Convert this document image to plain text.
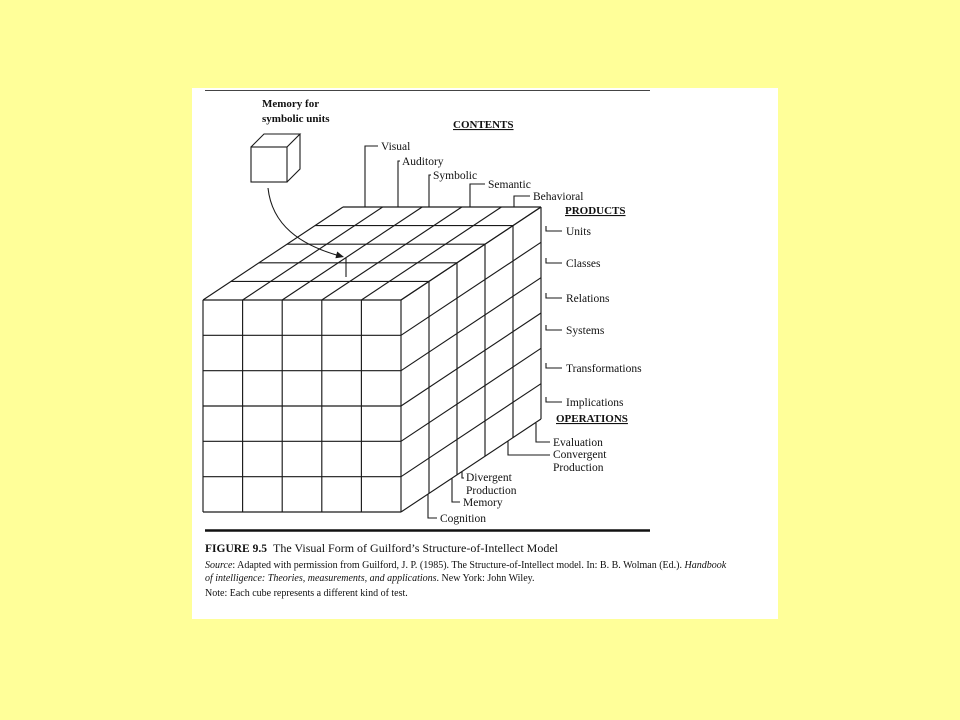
Memory for
symbolic units	CONTENTS
Visual
Auditory
Symbolic
Semantic
Behavioral
PRODUCTS
Units
Classes
Relations
Systems
Transformations
Implications
OPERATIONS
Evaluation
Convergent
Production
Divergent
Production
Memory
Cognition
FIGURE 9.5 The Visual Form of Guilford’s Structure-of-Intellect Model
Source: Adapted with permission from Guilford, J. P. (1985). The Structure-of-Intellect model. In: B. B. Wolman (Ed.). Handbook
of intelligence: Theories, measurements, and applications. New York: John Wiley.
Note: Each cube represents a different kind of test.
